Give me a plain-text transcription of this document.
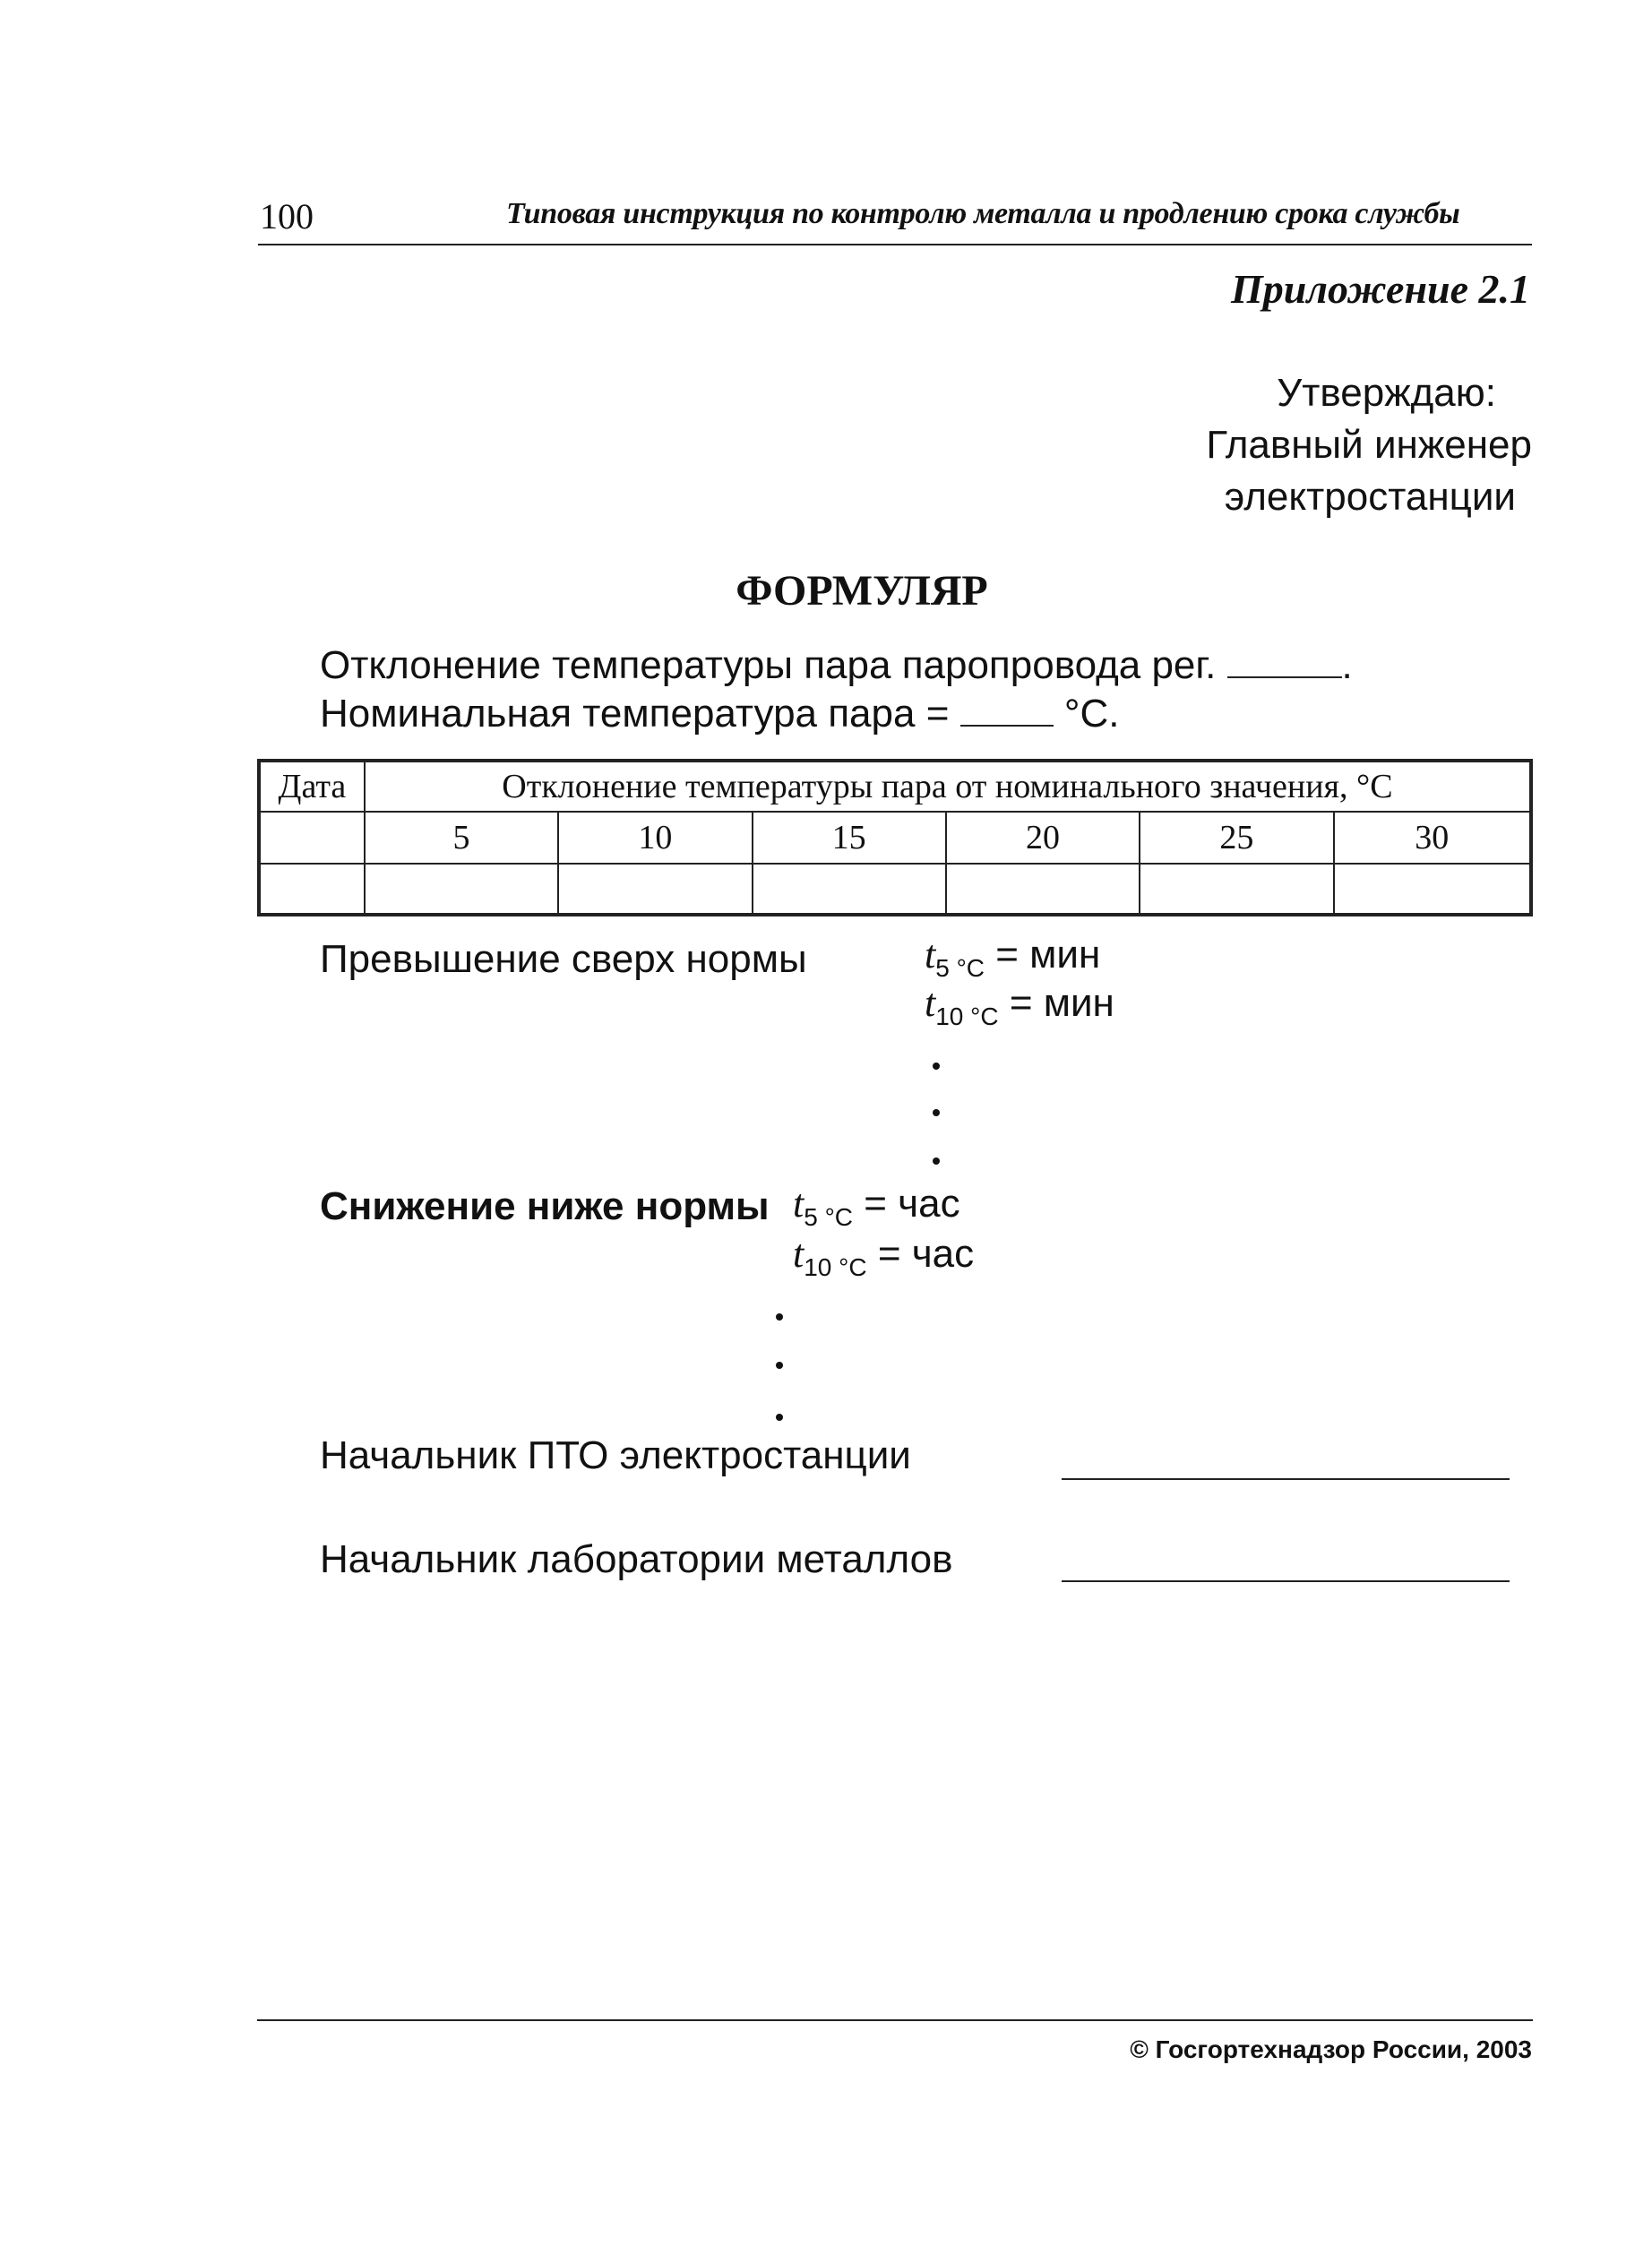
100	Типовая инструкция по контролю металла и продлению срока службы
Приложение 2.1
Утверждаю:
Главный инженер
электростанции
ФОРМУЛЯР
Отклонение температуры пара паропровода рег.	.
Номинальная температура пара =	°С.
Дата	Отклонение температуры пара от номинального значения, °С					
	5	10	15	20	25	30

Превышение сверх нормы	$t_{5 ^\circ С}$ = мин
$t_{10 ^\circ С}$ = мин
Снижение ниже нормы $t_{5 ^\circ С}$ = час
$t_{10 ^\circ С}$ = час
Начальник ПТО электростанции
Начальник лаборатории металлов
© Госгортехнадзор России, 2003
